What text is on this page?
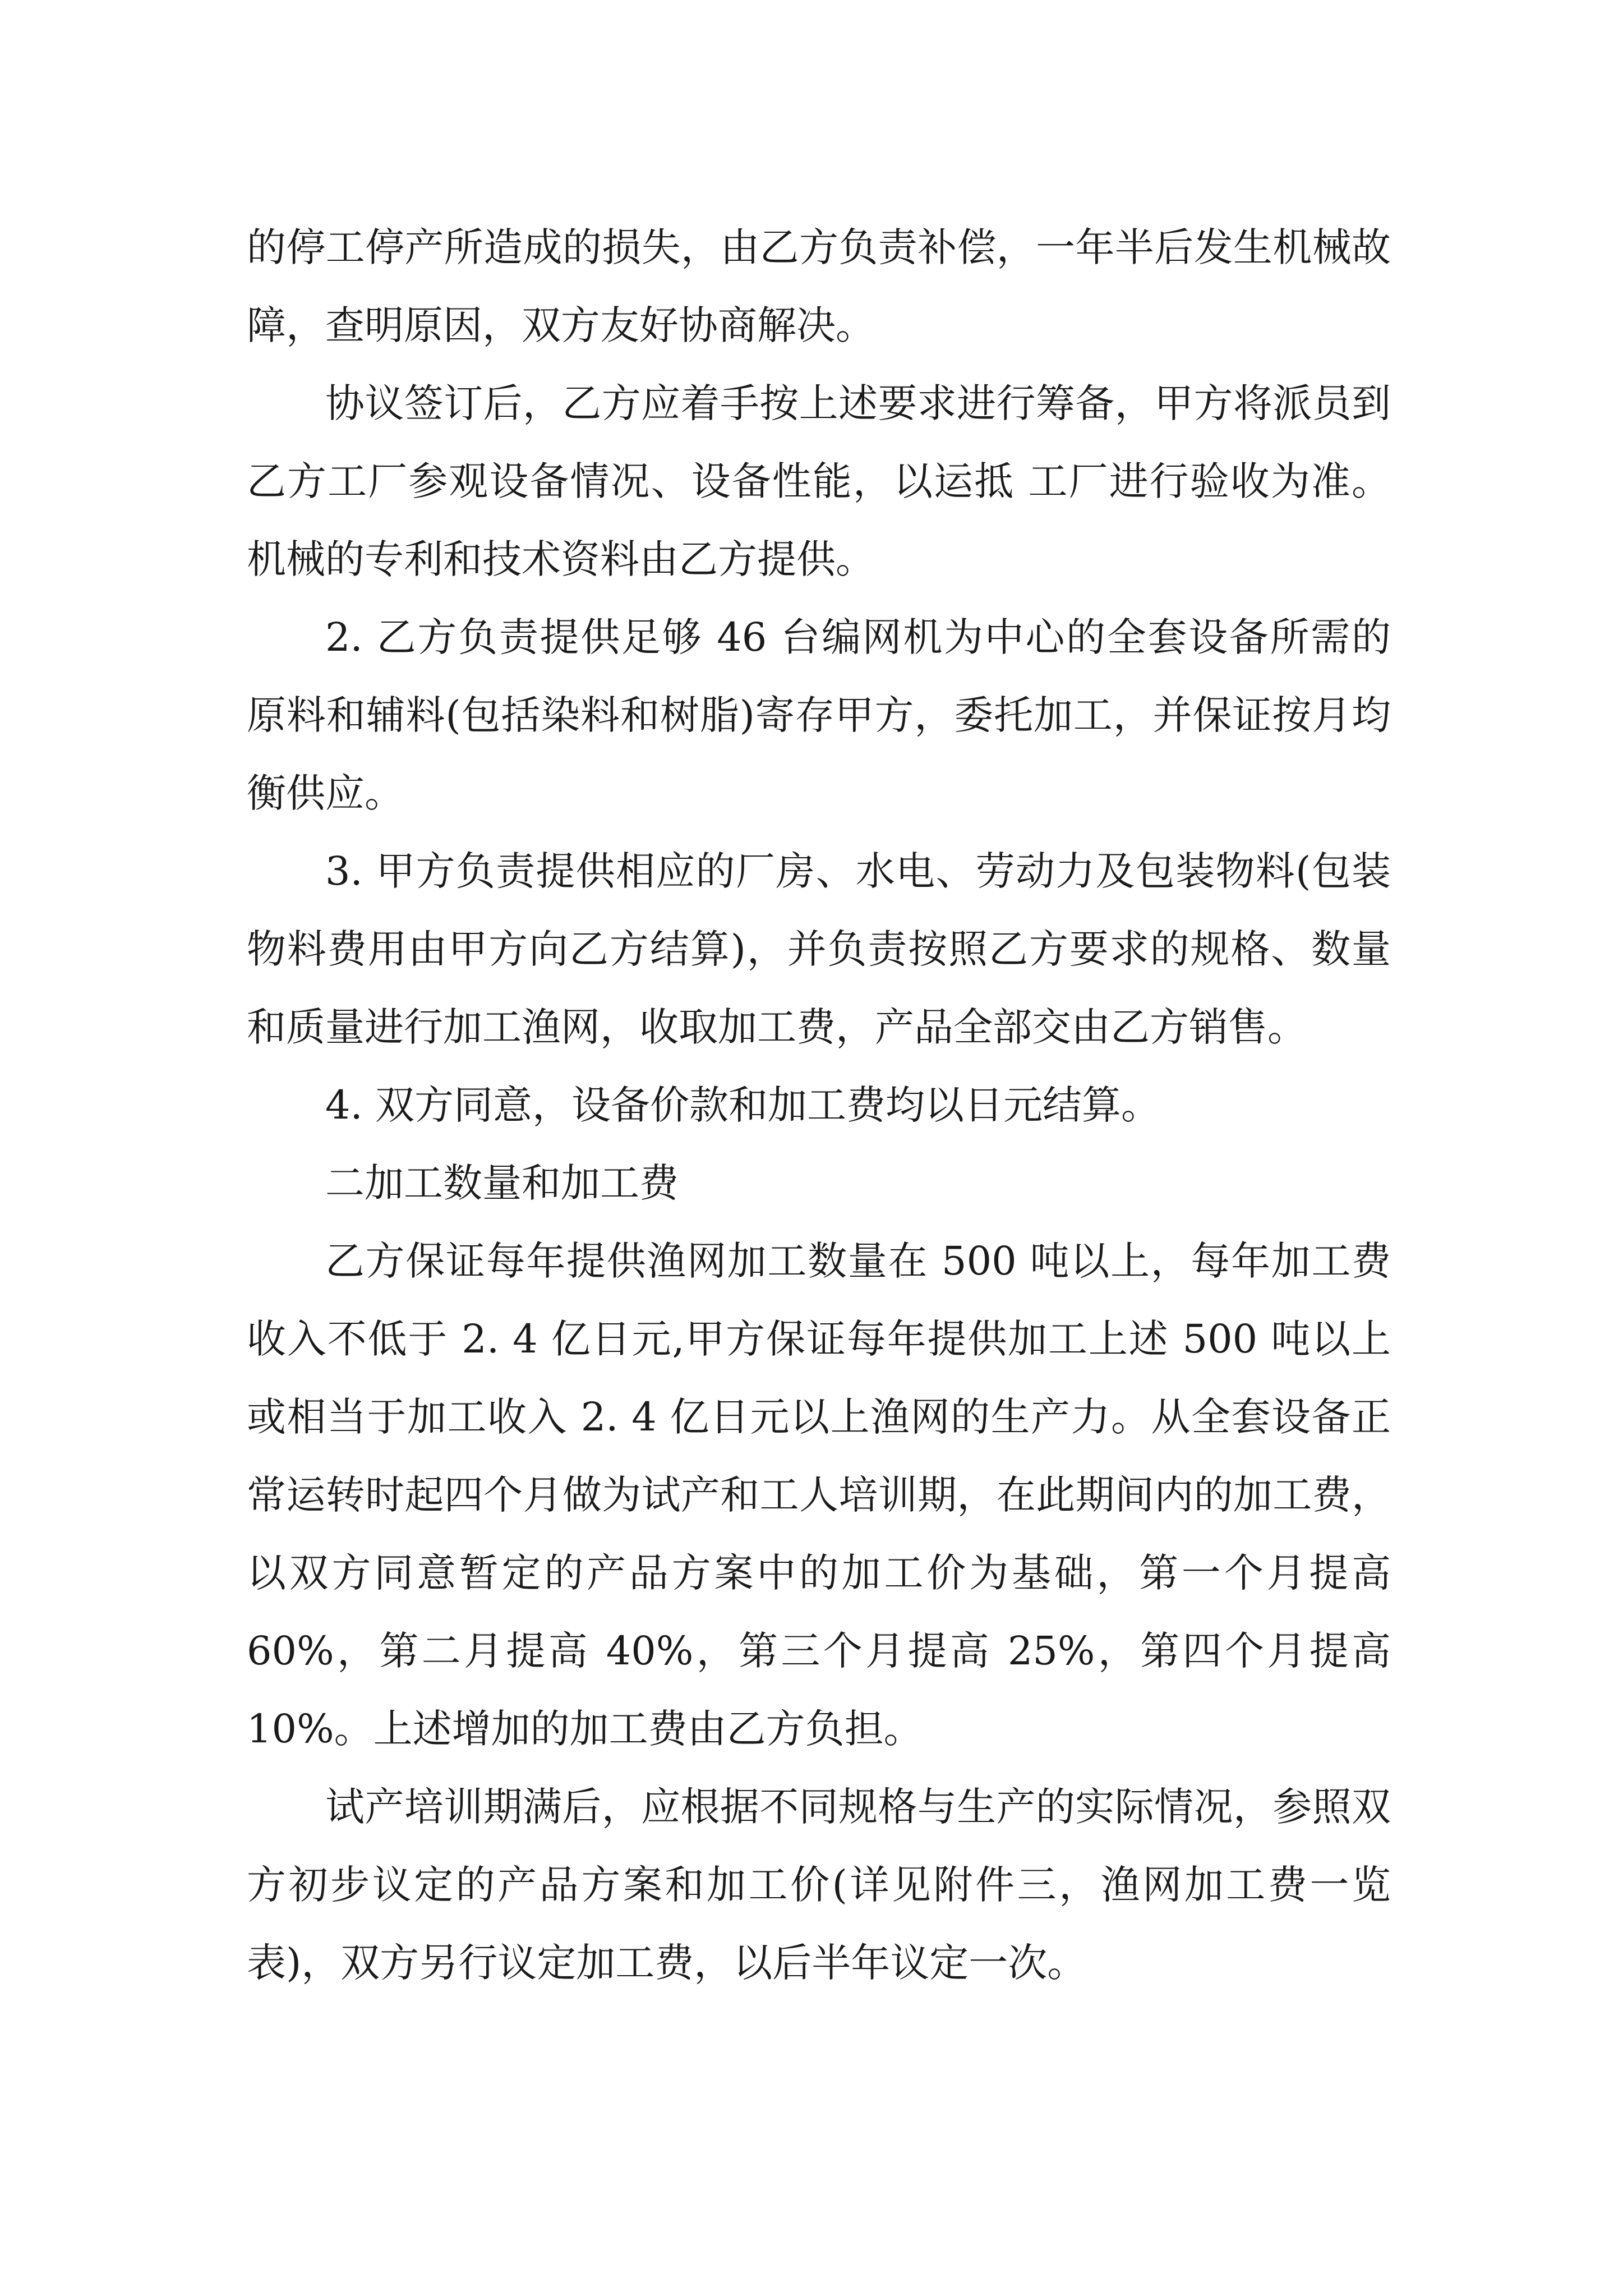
的停工停产所造成的损失，由乙方负责补偿，一年半后发生机械故障，查明原因，双方友好协商解决。

协议签订后，乙方应着手按上述要求进行筹备，甲方将派员到乙方工厂参观设备情况、设备性能，以运抵 工厂进行验收为准。机械的专利和技术资料由乙方提供。

2. 乙方负责提供足够 46 台编网机为中心的全套设备所需的原料和辅料(包括染料和树脂)寄存甲方，委托加工，并保证按月均衡供应。

3. 甲方负责提供相应的厂房、水电、劳动力及包装物料(包装物料费用由甲方向乙方结算)，并负责按照乙方要求的规格、数量和质量进行加工渔网，收取加工费，产品全部交由乙方销售。

4. 双方同意，设备价款和加工费均以日元结算。

二加工数量和加工费

乙方保证每年提供渔网加工数量在 500 吨以上，每年加工费收入不低于 2. 4 亿日元,甲方保证每年提供加工上述 500 吨以上或相当于加工收入 2. 4 亿日元以上渔网的生产力。从全套设备正常运转时起四个月做为试产和工人培训期，在此期间内的加工费，以双方同意暂定的产品方案中的加工价为基础，第一个月提高 60%，第二月提高 40%，第三个月提高 25%，第四个月提高 10%。上述增加的加工费由乙方负担。

试产培训期满后，应根据不同规格与生产的实际情况，参照双方初步议定的产品方案和加工价(详见附件三，渔网加工费一览表)，双方另行议定加工费，以后半年议定一次。
